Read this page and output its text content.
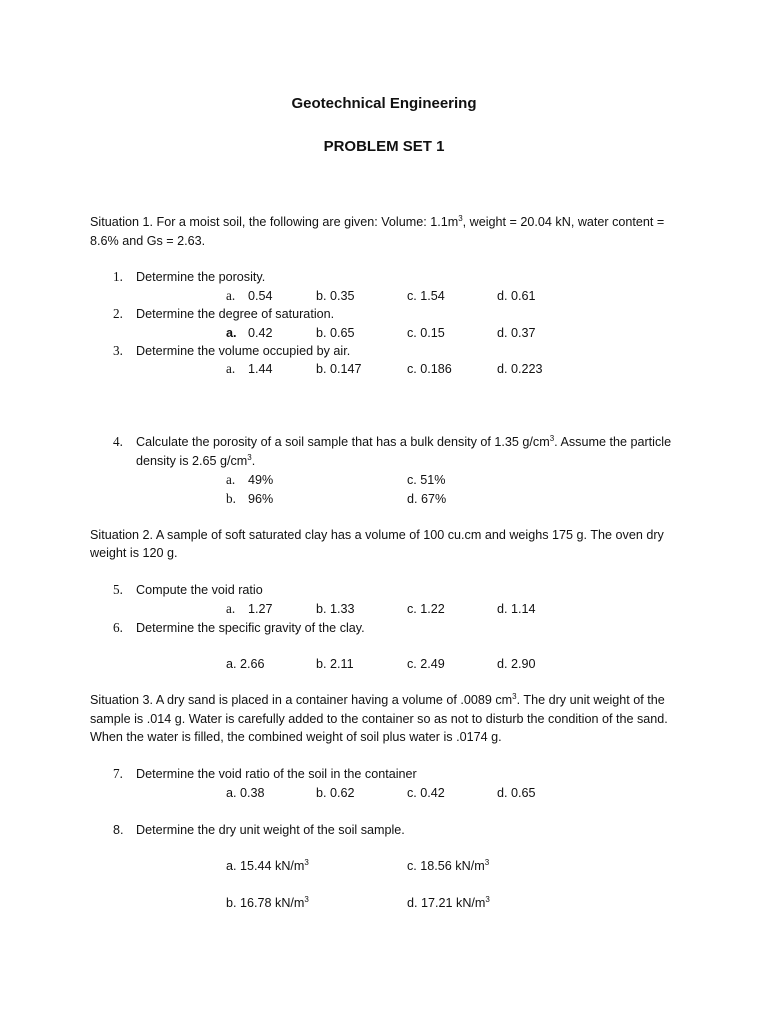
Geotechnical Engineering
PROBLEM SET 1
Situation 1. For a moist soil, the following are given: Volume: $1.1m^3$, weight = 20.04 kN, water content =
8.6% and Gs = 2.63.
1. Determine the porosity.
a. 0.54	b. 0.35	c. 1.54	d. 0.61
2. Determine the degree of saturation.
a. 0.42	b. 0.65	c. 0.15	d. 0.37
3. Determine the volume occupied by air.
a. 1.44	b. 0.147	c. 0.186	d. 0.223
4. Calculate the porosity of a soil sample that has a bulk density of 1.35 $g/cm^3$. Assume the particle
density is 2.65 $g/cm^3$.
a. 49%	c. 51%
b. 96%	d. 67%
Situation 2. A sample of soft saturated clay has a volume of 100 cu.cm and weighs 175 g. The oven dry
weight is 120 g.
5. Compute the void ratio
a. 1.27	b. 1.33	c. 1.22	d. 1.14
6. Determine the specific gravity of the clay.
a. 2.66	b. 2.11	c. 2.49	d. 2.90
Situation 3. A dry sand is placed in a container having a volume of .0089 $cm^3$. The dry unit weight of the
sample is .014 g. Water is carefully added to the container so as not to disturb the condition of the sand.
When the water is filled, the combined weight of soil plus water is .0174 g.
7. Determine the void ratio of the soil in the container
a. 0.38	b. 0.62	c. 0.42	d. 0.65
8. Determine the dry unit weight of the soil sample.
a. 15.44 $kN/m^3$	c. 18.56 $kN/m^3$
b. 16.78 $kN/m^3$	d. 17.21 $kN/m^3$
